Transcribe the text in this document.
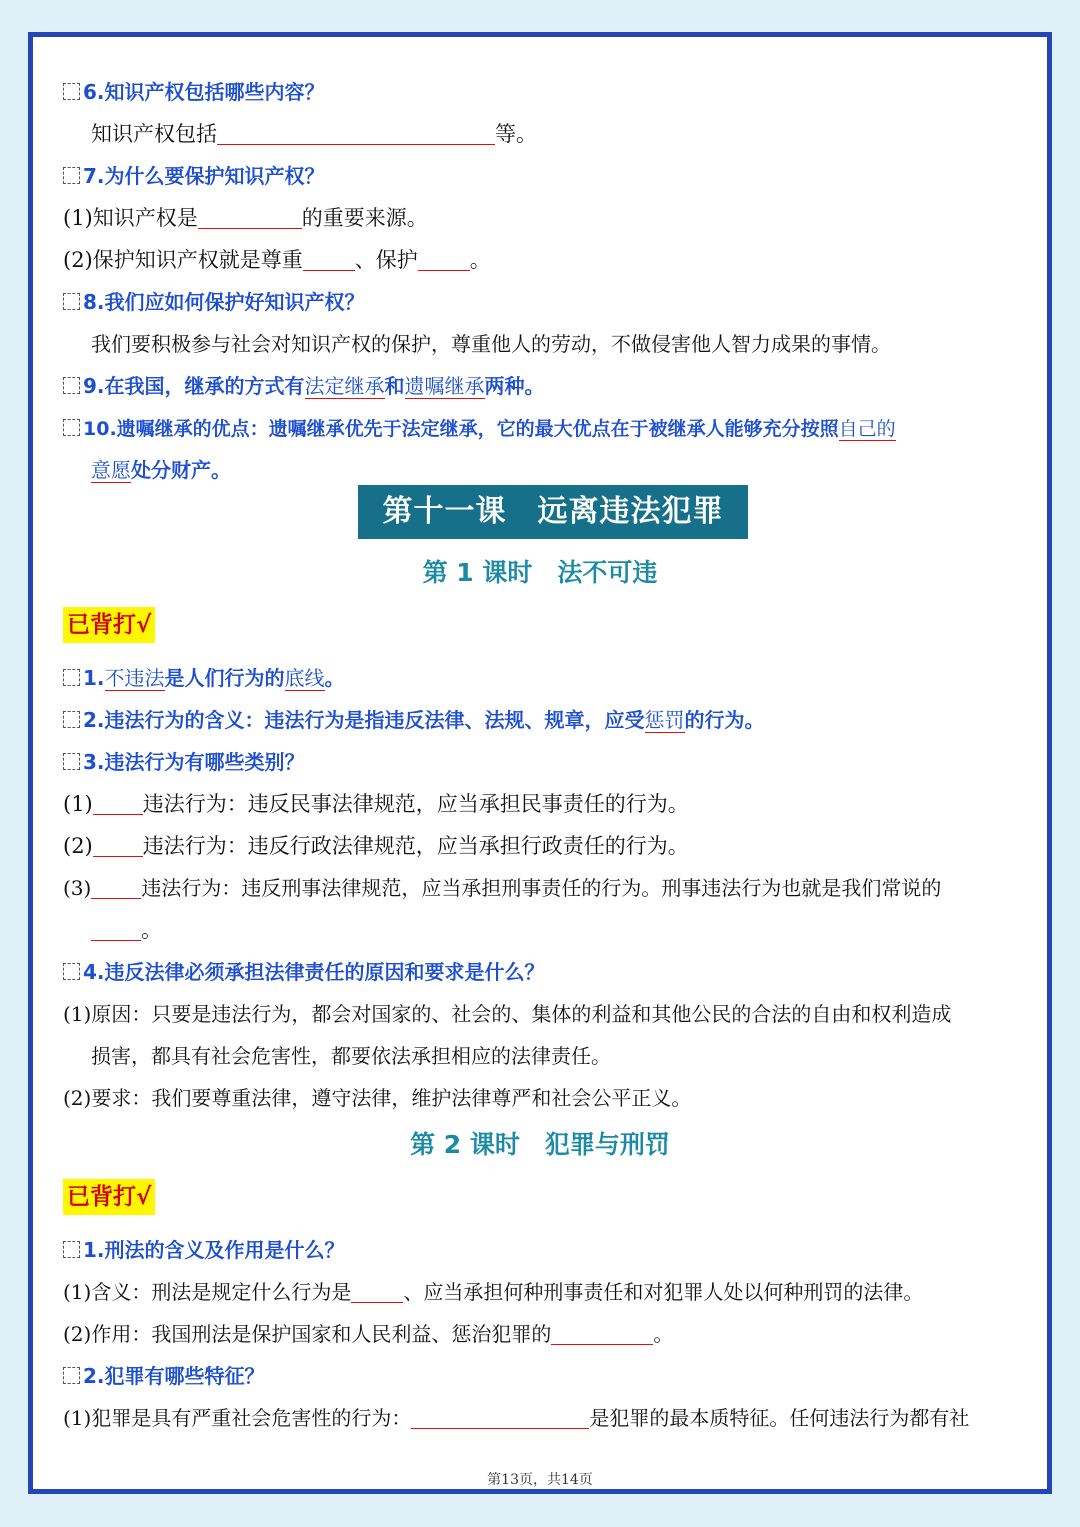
6.知识产权包括哪些内容？
知识产权包括	等。
7.为什么要保护知识产权？
(1)知识产权是	的重要来源。
(2)保护知识产权就是尊重 、保护 。
8.我们应如何保护好知识产权？
我们要积极参与社会对知识产权的保护，尊重他人的劳动，不做侵害他人智力成果的事情。
9.在我国，继承的方式有法定继承和遗嘱继承两种。
10.遗嘱继承的优点：遗嘱继承优先于法定继承，它的最大优点在于被继承人能够充分按照自己的
意愿处分财产。
第十一课　远离违法犯罪
第 1 课时　法不可违
已背打√
1.不违法是人们行为的底线。
2.违法行为的含义：违法行为是指违反法律、法规、规章，应受惩罚的行为。
3.违法行为有哪些类别？
(1) 违法行为：违反民事法律规范，应当承担民事责任的行为。
(2) 违法行为：违反行政法律规范，应当承担行政责任的行为。
(3)	违法行为：违反刑事法律规范，应当承担刑事责任的行为。刑事违法行为也就是我们常说的
。
4.违反法律必须承担法律责任的原因和要求是什么？
(1)原因：只要是违法行为，都会对国家的、社会的、集体的利益和其他公民的合法的自由和权利造成
损害，都具有社会危害性，都要依法承担相应的法律责任。
(2)要求：我们要尊重法律，遵守法律，维护法律尊严和社会公平正义。
第 2 课时　犯罪与刑罚
已背打√
1.刑法的含义及作用是什么？
(1)含义：刑法是规定什么行为是	、应当承担何种刑事责任和对犯罪人处以何种刑罚的法律。
(2)作用：我国刑法是保护国家和人民利益、惩治犯罪的	。
2.犯罪有哪些特征？
(1)犯罪是具有严重社会危害性的行为：	是犯罪的最本质特征。任何违法行为都有社
第13页，共14页
